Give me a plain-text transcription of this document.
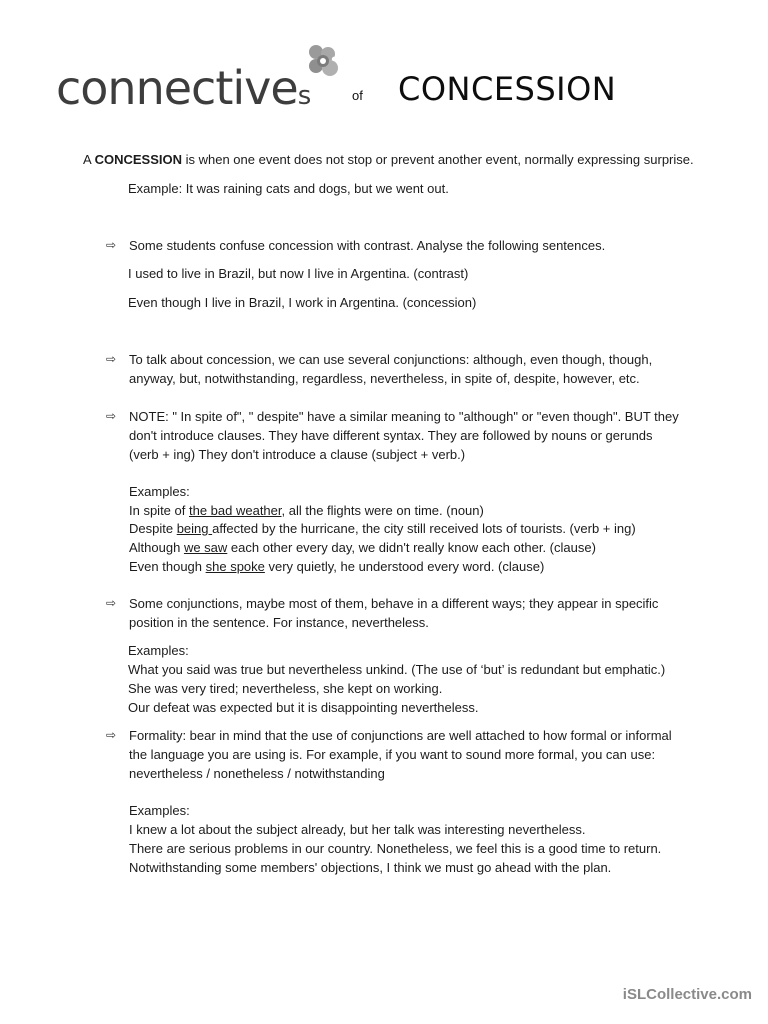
connectives	of CONCESSION
A CONCESSION is when one event does not stop or prevent another event, normally expressing surprise.
Example: It was raining cats and dogs, but we went out.
⇨ Some students confuse concession with contrast. Analyse the following sentences.
I used to live in Brazil, but now I live in Argentina. (contrast)
Even though I live in Brazil, I work in Argentina. (concession)
⇨ To talk about concession, we can use several conjunctions: although, even though, though,
anyway, but, notwithstanding, regardless, nevertheless, in spite of, despite, however, etc.
⇨ NOTE: " In spite of", " despite" have a similar meaning to "although" or "even though". BUT they
don't introduce clauses. They have different syntax. They are followed by nouns or gerunds
(verb + ing) They don't introduce a clause (subject + verb.)
Examples:
In spite of the bad weather, all the flights were on time. (noun)
Despite being affected by the hurricane, the city still received lots of tourists. (verb + ing)
Although we saw each other every day, we didn't really know each other. (clause)
Even though she spoke very quietly, he understood every word. (clause)
⇨ Some conjunctions, maybe most of them, behave in a different ways; they appear in specific
position in the sentence. For instance, nevertheless.
Examples:
What you said was true but nevertheless unkind. (The use of ‘but’ is redundant but emphatic.)
She was very tired; nevertheless, she kept on working.
Our defeat was expected but it is disappointing nevertheless.
⇨ Formality: bear in mind that the use of conjunctions are well attached to how formal or informal
the language you are using is. For example, if you want to sound more formal, you can use:
nevertheless / nonetheless / notwithstanding
Examples:
I knew a lot about the subject already, but her talk was interesting nevertheless.
There are serious problems in our country. Nonetheless, we feel this is a good time to return.
Notwithstanding some members' objections, I think we must go ahead with the plan.
iSLCollective.com
